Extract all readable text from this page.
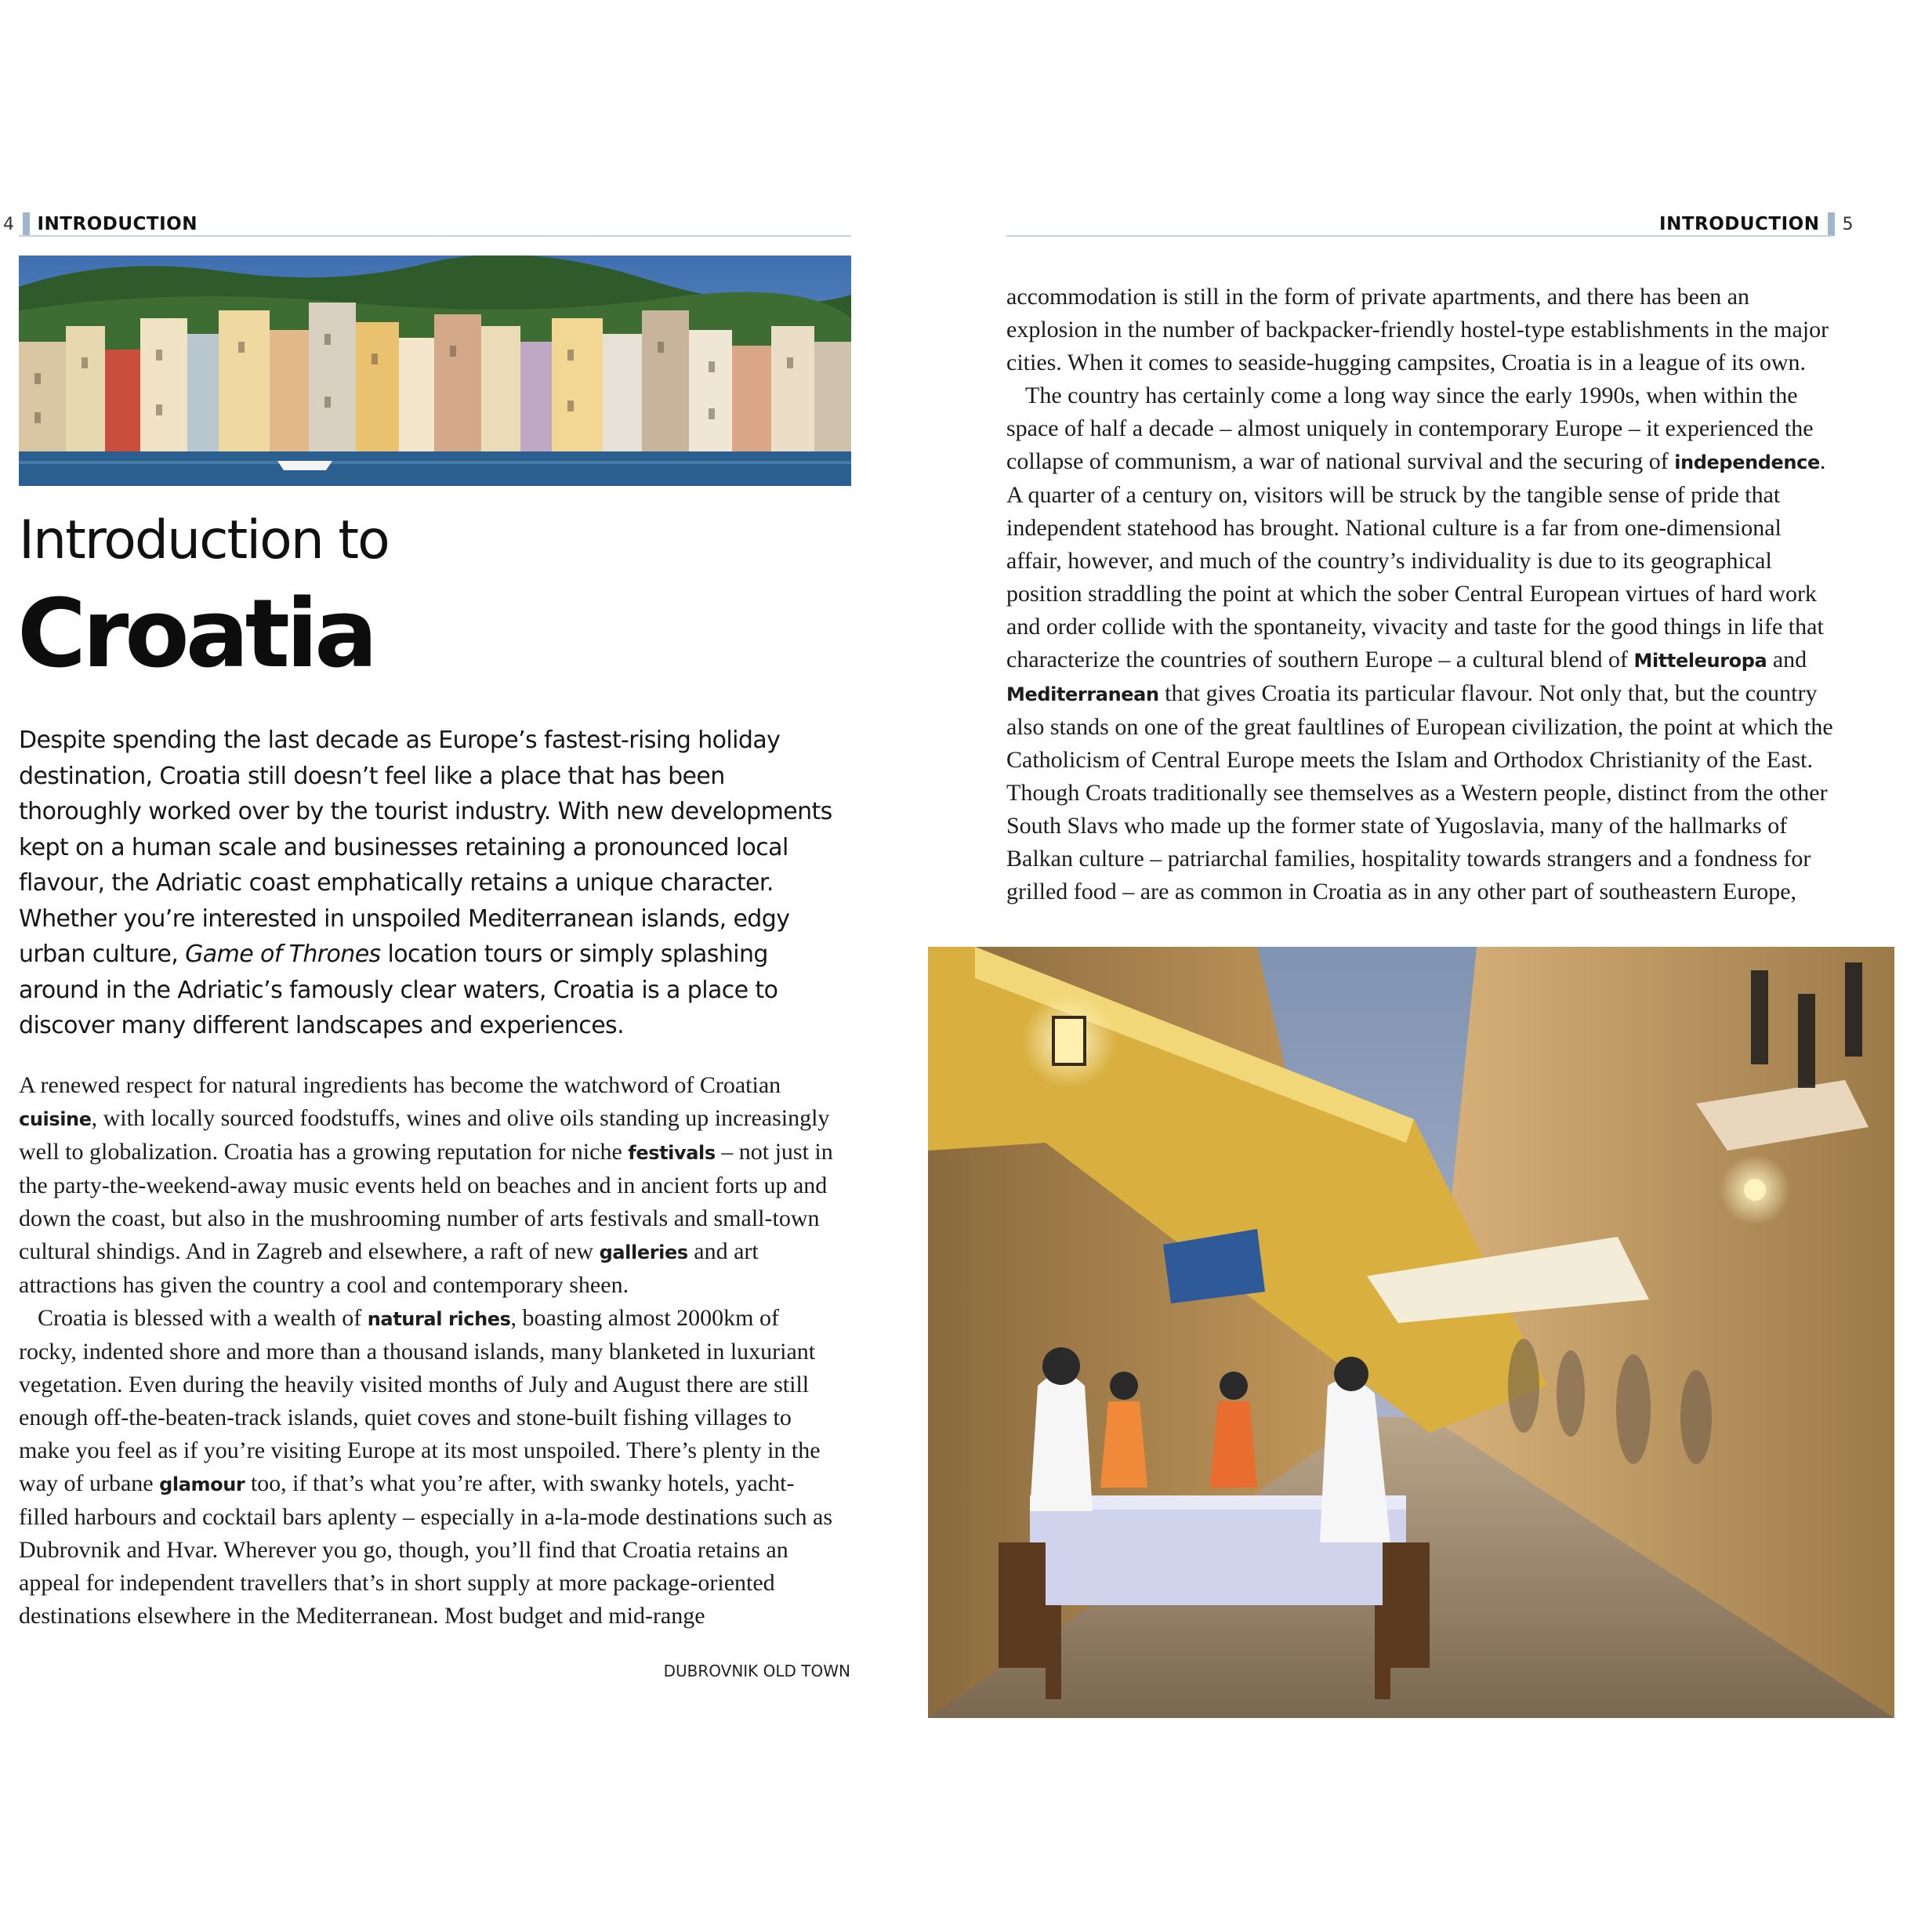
4 INTRODUCTION
Introduction to
Croatia

Despite spending the last decade as Europe’s fastest-rising holiday destination, Croatia still doesn’t feel like a place that has been thoroughly worked over by the tourist industry. With new developments kept on a human scale and businesses retaining a pronounced local flavour, the Adriatic coast emphatically retains a unique character. Whether you’re interested in unspoiled Mediterranean islands, edgy urban culture, Game of Thrones location tours or simply splashing around in the Adriatic’s famously clear waters, Croatia is a place to discover many different landscapes and experiences.

A renewed respect for natural ingredients has become the watchword of Croatian cuisine, with locally sourced foodstuffs, wines and olive oils standing up increasingly well to globalization. Croatia has a growing reputation for niche festivals – not just in the party-the-weekend-away music events held on beaches and in ancient forts up and down the coast, but also in the mushrooming number of arts festivals and small-town cultural shindigs. And in Zagreb and elsewhere, a raft of new galleries and art attractions has given the country a cool and contemporary sheen.

Croatia is blessed with a wealth of natural riches, boasting almost 2000km of rocky, indented shore and more than a thousand islands, many blanketed in luxuriant vegetation. Even during the heavily visited months of July and August there are still enough off-the-beaten-track islands, quiet coves and stone-built fishing villages to make you feel as if you’re visiting Europe at its most unspoiled. There’s plenty in the way of urbane glamour too, if that’s what you’re after, with swanky hotels, yacht-filled harbours and cocktail bars aplenty – especially in a-la-mode destinations such as Dubrovnik and Hvar. Wherever you go, though, you’ll find that Croatia retains an appeal for independent travellers that’s in short supply at more package-oriented destinations elsewhere in the Mediterranean. Most budget and mid-range

DUBROVNIK OLD TOWN
INTRODUCTION 5

accommodation is still in the form of private apartments, and there has been an explosion in the number of backpacker-friendly hostel-type establishments in the major cities. When it comes to seaside-hugging campsites, Croatia is in a league of its own.

The country has certainly come a long way since the early 1990s, when within the space of half a decade – almost uniquely in contemporary Europe – it experienced the collapse of communism, a war of national survival and the securing of independence. A quarter of a century on, visitors will be struck by the tangible sense of pride that independent statehood has brought. National culture is a far from one-dimensional affair, however, and much of the country’s individuality is due to its geographical position straddling the point at which the sober Central European virtues of hard work and order collide with the spontaneity, vivacity and taste for the good things in life that characterize the countries of southern Europe – a cultural blend of Mitteleuropa and Mediterranean that gives Croatia its particular flavour. Not only that, but the country also stands on one of the great faultlines of European civilization, the point at which the Catholicism of Central Europe meets the Islam and Orthodox Christianity of the East. Though Croats traditionally see themselves as a Western people, distinct from the other South Slavs who made up the former state of Yugoslavia, many of the hallmarks of Balkan culture – patriarchal families, hospitality towards strangers and a fondness for grilled food – are as common in Croatia as in any other part of southeastern Europe,
